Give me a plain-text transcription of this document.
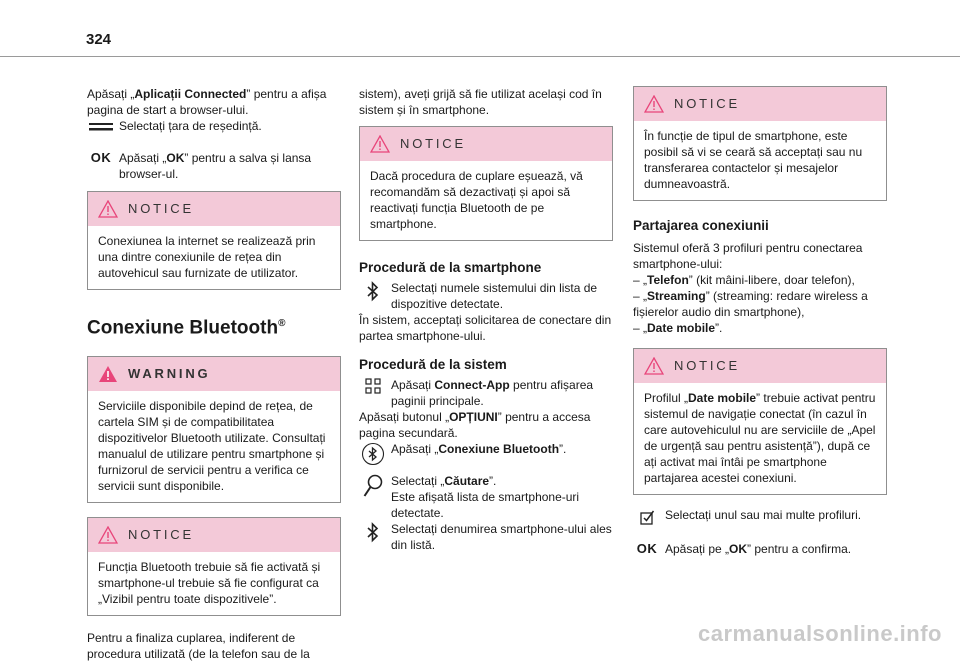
324

Apăsați „Aplicații Connected” pentru a afișa pagina de start a browser-ului.

Selectați țara de reședință.
OK Apăsați „OK” pentru a salva și lansa browser-ul.
NOTICE
Conexiunea la internet se realizează prin una dintre conexiunile de rețea din autovehicul sau furnizate de utilizator.
Conexiune Bluetooth®
WARNING
Serviciile disponibile depind de rețea, de cartela SIM și de compatibilitatea dispozitivelor Bluetooth utilizate. Consultați manualul de utilizare pentru smartphone și furnizorul de servicii pentru a verifica ce servicii sunt disponibile.
NOTICE
Funcția Bluetooth trebuie să fie activată și smartphone-ul trebuie să fie configurat ca „Vizibil pentru toate dispozitivele”.

Pentru a finaliza cuplarea, indiferent de procedura utilizată (de la telefon sau de la

sistem), aveți grijă să fie utilizat același cod în sistem și în smartphone.

NOTICE
Dacă procedura de cuplare eșuează, vă recomandăm să dezactivați și apoi să reactivați funcția Bluetooth de pe smartphone.
Procedură de la smartphone
Selectați numele sistemului din lista de dispozitive detectate.

În sistem, acceptați solicitarea de conectare din partea smartphone-ului.

Procedură de la sistem
Apăsați Connect-App pentru afișarea paginii principale.

Apăsați butonul „OPȚIUNI” pentru a accesa pagina secundară.

Apăsați „Conexiune Bluetooth”.
Selectați „Căutare”.
Este afișată lista de smartphone-uri detectate.
Selectați denumirea smartphone-ului ales din listă.
NOTICE
În funcție de tipul de smartphone, este posibil să vi se ceară să acceptați sau nu transferarea contactelor și mesajelor dumneavoastră.
Partajarea conexiunii

Sistemul oferă 3 profiluri pentru conectarea smartphone-ului:

– „Telefon” (kit mâini-libere, doar telefon),

– „Streaming” (streaming: redare wireless a fișierelor audio din smartphone),

– „Date mobile”.

NOTICE
Profilul „Date mobile” trebuie activat pentru sistemul de navigație conectat (în cazul în care autovehiculul nu are serviciile de „Apel de urgență sau pentru asistență”), după ce ați activat mai întâi pe smartphone partajarea acestei conexiuni.
Selectați unul sau mai multe profiluri.
OK Apăsați pe „OK” pentru a confirma.
carmanualsonline.info
